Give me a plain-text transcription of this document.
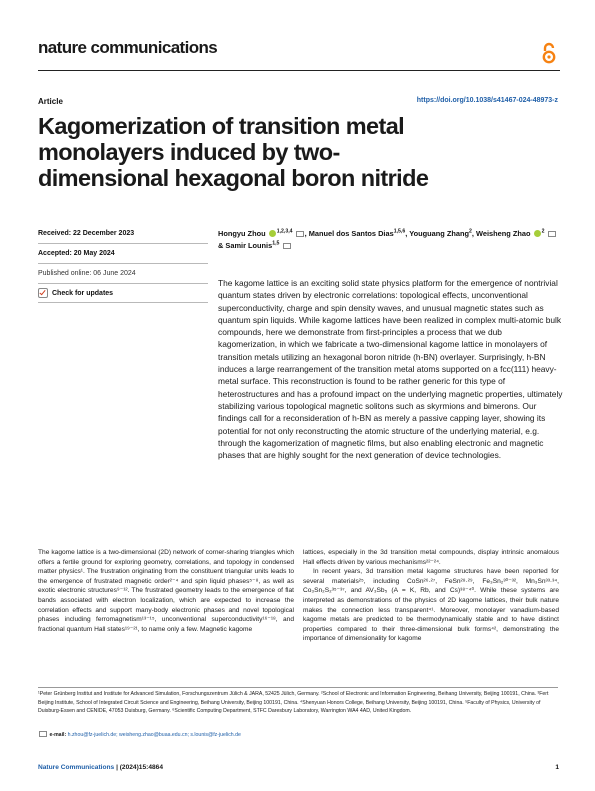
nature communications
Article	https://doi.org/10.1038/s41467-024-48973-z
Kagomerization of transition metal monolayers induced by two-dimensional hexagonal boron nitride
Received: 22 December 2023
Accepted: 20 May 2024
Published online: 06 June 2024
Check for updates
Hongyu Zhou $^{1,2,3,4}$ , Manuel dos Santos Dias$^{1,5,6}$, Youguang Zhang$^2$, Weisheng Zhao $^2$  & Samir Lounis$^{1,5}$
The kagome lattice is an exciting solid state physics platform for the emergence of nontrivial quantum states driven by electronic correlations: topological effects, unconventional superconductivity, charge and spin density waves, and unusual magnetic states such as quantum spin liquids. While kagome lattices have been realized in complex multi-atomic bulk compounds, here we demonstrate from first-principles a process that we dub kagomerization, in which we fabricate a two-dimensional kagome lattice in monolayers of transition metals utilizing an hexagonal boron nitride (h-BN) overlayer. Surprisingly, h-BN induces a large rearrangement of the transition metal atoms supported on a fcc(111) heavy-metal surface. This reconstruction is found to be rather generic for this type of heterostructures and has a profound impact on the underlying magnetic properties, ultimately stabilizing various topological magnetic solitons such as skyrmions and bimerons. Our findings call for a reconsideration of h-BN as merely a passive capping layer, showing its potential for not only reconstructing the atomic structure of the underlying material, e.g. through the kagomerization of magnetic films, but also enabling electronic and magnetic phases that are highly sought for the next generation of device technologies.
The kagome lattice is a two-dimensional (2D) network of corner-sharing triangles which offers a fertile ground for exploring geometry, correlations, and topology in condensed matter physics¹. The frustration originating from the constituent triangular units leads to the emergence of frustrated magnetic order²⁻⁴ and spin liquid phases⁵⁻⁸, as well as exotic electronic structures⁹⁻¹². The frustrated geometry leads to the emergence of flat bands associated with electron localization, which are expected to increase the correlation effects and support many-body electronic phases and novel topological phases including ferromagnetism¹³⁻¹⁵, unconventional superconductivity¹⁶⁻¹⁸, and fractional quantum Hall states¹⁹⁻²¹, to name only a few. Magnetic kagome
lattices, especially in the 3d transition metal compounds, display intrinsic anomalous Hall effects driven by various mechanisms²²⁻²⁴.
In recent years, 3d transition metal kagome structures have been reported for several materials²⁵, including CoSn²⁶·²⁷, FeSn²⁸·²⁹, Fe₃Sn₂³⁰⁻³², Mn₃Sn³³·³⁴, Co₃Sn₂S₂³⁵⁻³⁷, and AV₃Sb₅ (A = K, Rb, and Cs)³⁸⁻⁴⁰. While these systems are interpreted as demonstrations of the physics of 2D kagome lattices, their bulk nature makes the connection less transparent⁴¹. Moreover, monolayer vanadium-based kagome metals are predicted to be thermodynamically stable and to have distinct properties compared to their three-dimensional bulk forms⁴², demonstrating the importance of dimensionality for kagome
¹Peter Grünberg Institut and Institute for Advanced Simulation, Forschungszentrum Jülich & JARA, 52425 Jülich, Germany. ²School of Electronic and Information Engineering, Beihang University, Beijing 100191, China. ³Fert Beijing Institute, School of Integrated Circuit Science and Engineering, Beihang University, Beijing 100191, China. ⁴Shenyuan Honors College, Beihang University, Beijing 100191, China. ⁵Faculty of Physics, University of Duisburg-Essen and CENIDE, 47053 Duisburg, Germany. ⁶Scientific Computing Department, STFC Daresbury Laboratory, Warrington WA4 4AD, United Kingdom.
e-mail: h.zhou@fz-juelich.de; weisheng.zhao@buaa.edu.cn; s.lounis@fz-juelich.de
Nature Communications | (2024)15:4864	1
